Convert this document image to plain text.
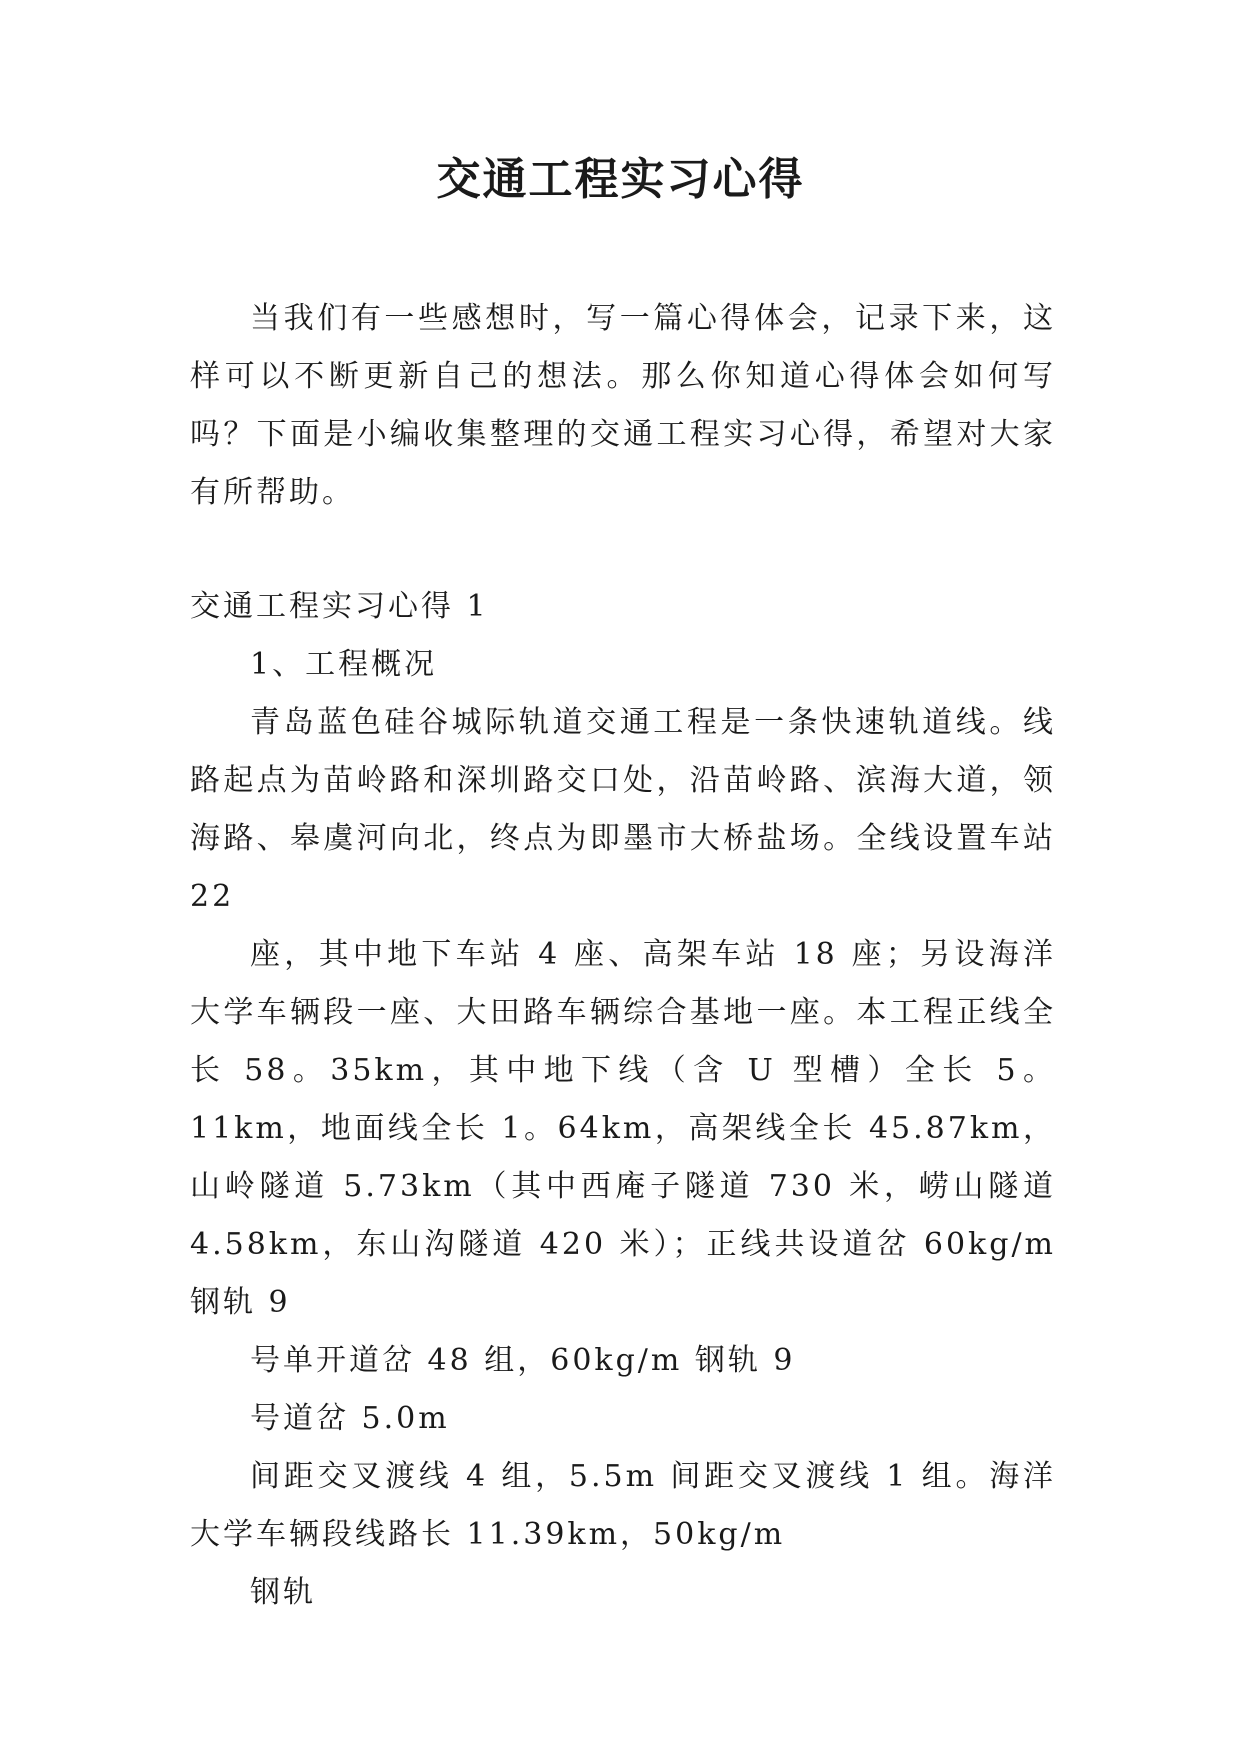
交通工程实习心得

当我们有一些感想时，写一篇心得体会，记录下来，这样可以不断更新自己的想法。那么你知道心得体会如何写吗？下面是小编收集整理的交通工程实习心得，希望对大家有所帮助。

交通工程实习心得 1

1、工程概况

青岛蓝色硅谷城际轨道交通工程是一条快速轨道线。线路起点为苗岭路和深圳路交口处，沿苗岭路、滨海大道，领海路、皋虞河向北，终点为即墨市大桥盐场。全线设置车站 22

座，其中地下车站 4 座、高架车站 18 座；另设海洋大学车辆段一座、大田路车辆综合基地一座。本工程正线全长 58。35km，其中地下线（含 U 型槽）全长 5。11km，地面线全长 1。64km，高架线全长 45.87km，山岭隧道 5.73km（其中西庵子隧道 730 米，崂山隧道 4.58km，东山沟隧道 420 米）；正线共设道岔 60kg/m 钢轨 9

号单开道岔 48 组，60kg/m 钢轨 9

号道岔 5.0m

间距交叉渡线 4 组，5.5m 间距交叉渡线 1 组。海洋大学车辆段线路长 11.39km，50kg/m

钢轨
